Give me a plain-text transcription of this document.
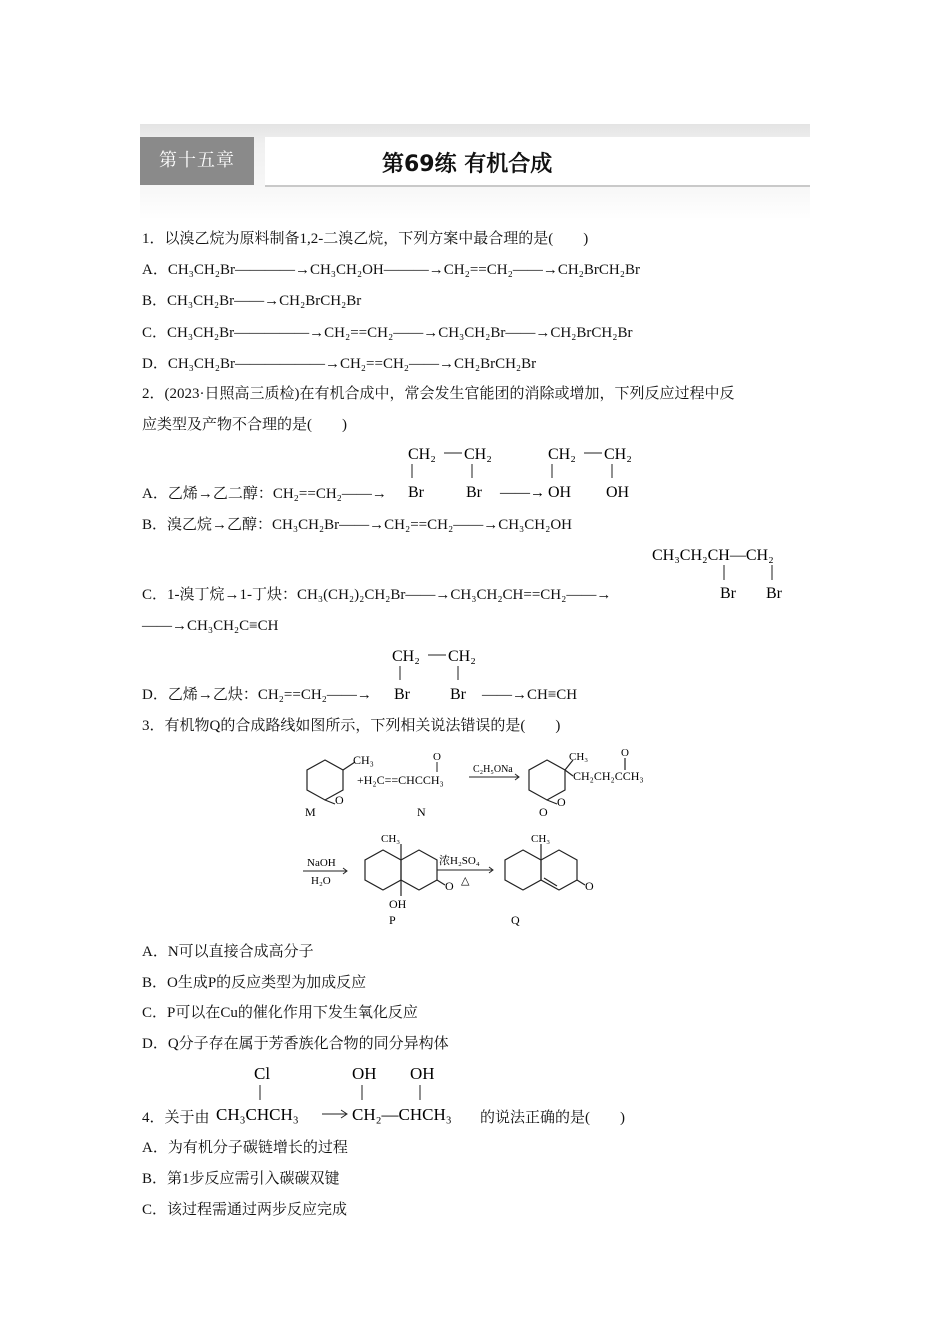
第十五章	第69练 有机合成
1．以溴乙烷为原料制备1,2-二溴乙烷，下列方案中最合理的是(　　)
A．CH₃CH₂Br————→CH₃CH₂OH———→CH₂==CH₂——→CH₂BrCH₂Br
B．CH₃CH₂Br——→CH₂BrCH₂Br
C．CH₃CH₂Br—————→CH₂==CH₂——→CH₃CH₂Br——→CH₂BrCH₂Br
D．CH₃CH₂Br——————→CH₂==CH₂——→CH₂BrCH₂Br
2．(2023·日照高三质检)在有机合成中，常会发生官能团的消除或增加，下列反应过程中反
应类型及产物不合理的是(　　)
A．乙烯→乙二醇：CH₂==CH₂——→
CH₂ CH₂
Br	Br ——→
CH₂ CH₂
OH OH
B．溴乙烷→乙醇：CH₃CH₂Br——→CH₂==CH₂——→CH₃CH₂OH
CH₃CH₂CH—CH₂
Br Br
C．1-溴丁烷→1-丁炔：CH₃(CH₂)₂CH₂Br——→CH₃CH₂CH==CH₂——→
——→CH₃CH₂C≡CH
D．乙烯→乙炔：CH₂==CH₂——→
CH₂ CH₂
Br	Br ——→CH≡CH
3．有机物Q的合成路线如图所示，下列相关说法错误的是(　　)
CH₃
O
M
+H₂C==CHCCH₃
O
N
C₂H₅ONa
CH₃
CH₂CH₂CCH₃
O
O
O
NaOH
H₂O
CH₃
O
OH
P
浓H₂SO₄
△
CH₃
O
Q
A．N可以直接合成高分子
B．O生成P的反应类型为加成反应
C．P可以在Cu的催化作用下发生氧化反应
D．Q分子存在属于芳香族化合物的同分异构体
4．关于由
Cl
CH₃CHCH₃
OH OH
CH₂—CHCH₃ 的说法正确的是(　　)
A．为有机分子碳链增长的过程
B．第1步反应需引入碳碳双键
C．该过程需通过两步反应完成
